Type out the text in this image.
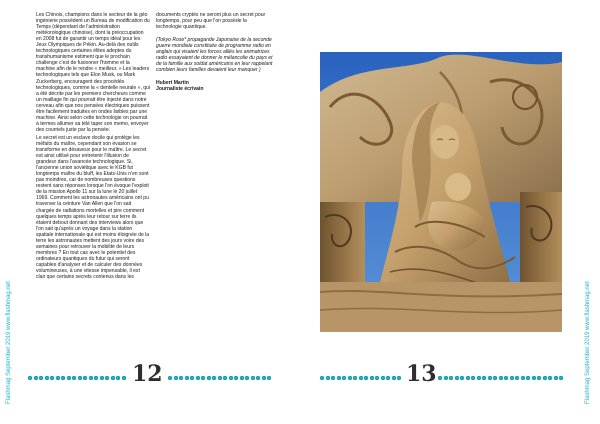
Les Chinois, champions dans le secteur de la géo ingénierie possèdent un Bureau de modification du Temps (dépendant de l'administration météorologique chinoise), dont la préoccupation en 2008 fut de garantir un temps idéal pour les Jeux Olympiques de Pékin. Au-delà des outils technologiques certaines élites adeptes du transhumanisme estiment que le prochain challenge c'est de fusionner l'homme et la machine afin de le rendre « meilleur. » Les leaders technologiques tels que Elon Musk, ou Mark Zuckerberg, encouragent des procédés technologiques, comme la « dentelle neurale », qui a été décrite par les premiers chercheurs comme un maillage fin qui pourrait être injecté dans notre cerveau afin que nos pensées électriques puissent être facilement traduites en ondes lisibles par une machine. Ainsi selon cette technologie on pourrait à termes allumer sa télé taper son memo, envoyer des courriels juste par la pensée.

Le secret est un esclave docile qui protège les méfaits du maître, cependant son évasion se transforme en désaveux pour le maître. Le secret est ainsi utilisé pour entretenir l'illusion de grandeur dans l'avancée technologique. Si, l'ancienne union soviétique avec le KGB fut longtemps maître du bluff, les Etats-Unis n'en sont pas moindres, car de nombreuses questions restent sans réponses lorsque l'on évoque l'exploit de la mission Apollo 11 sur la lune le 20 juillet 1969. Comment les astronautes américains ont pu traverser la ceinture Van Allen que l'on sait chargée de radiations mortelles et pire comment quelques temps après leur retour sur terre ils étaient debout donnant des interviews alors que l'on sait qu'après un voyage dans la station spatiale internationale qui est moins éloignée de la terre les astronautes mettent des jours voire des semaines pour retrouver la mobilité de leurs membres ? En tout cas avec le potentiel des ordinateurs quantiques du futur qui seront capables d'analyser et de calculer des données volumineuses, à une vitesse impensable, il est clair que certains secrets contenus dans les

documents cryptés ne seront plus un secret pour longtemps, pour peu que l'on possède la technologie quantique.

(Tokyo Rose* propagande Japonaise de la seconde guerre mondiale constituée de programme radio en anglais qui visaient les forces alliés les animatrices radio essayaient de donner le mélancolie du pays et de la famille aux soldat américains en leur rappelant combien leurs familles devaient leur manquer )

Hubert Martin
Journaliste écrivain

12
Flashmag September 2019 www.flashmag.net	13	Flashmag September 2019 www.flashmag.net
